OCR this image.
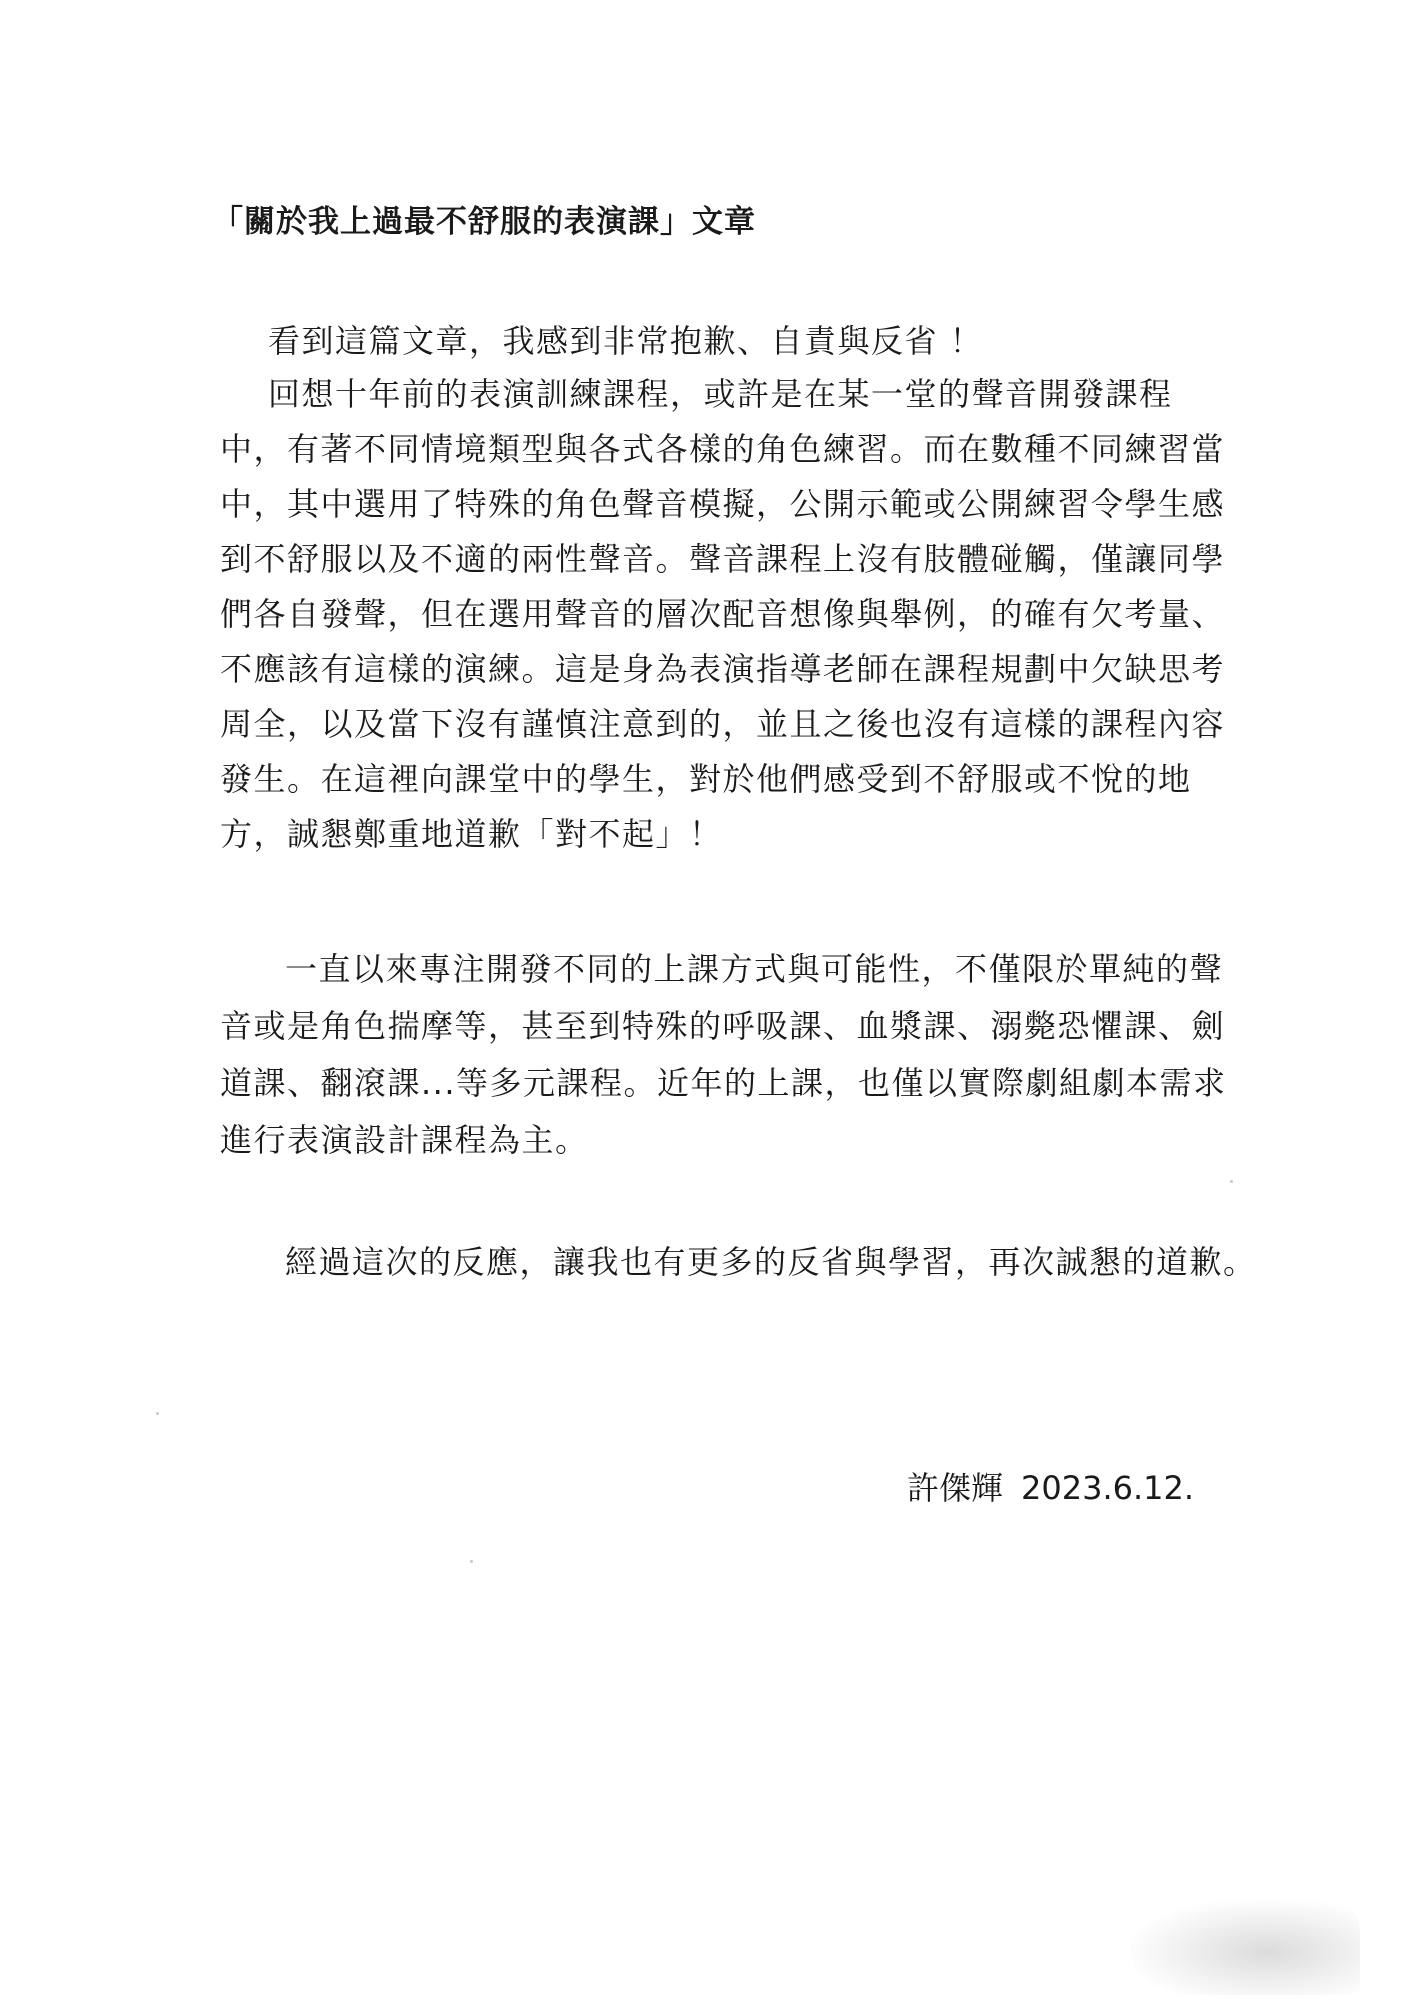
「關於我上過最不舒服的表演課」文章
看到這篇文章，我感到非常抱歉、自責與反省 ！
回想十年前的表演訓練課程，或許是在某一堂的聲音開發課程
中，有著不同情境類型與各式各樣的角色練習。而在數種不同練習當
中，其中選用了特殊的角色聲音模擬，公開示範或公開練習令學生感
到不舒服以及不適的兩性聲音。聲音課程上沒有肢體碰觸，僅讓同學
們各自發聲，但在選用聲音的層次配音想像與舉例，的確有欠考量、
不應該有這樣的演練。這是身為表演指導老師在課程規劃中欠缺思考
周全，以及當下沒有謹慎注意到的，並且之後也沒有這樣的課程內容
發生。在這裡向課堂中的學生，對於他們感受到不舒服或不悅的地
方，誠懇鄭重地道歉「對不起」！
一直以來專注開發不同的上課方式與可能性，不僅限於單純的聲
音或是角色揣摩等，甚至到特殊的呼吸課、血漿課、溺斃恐懼課、劍
道課、翻滾課...等多元課程。近年的上課，也僅以實際劇組劇本需求
進行表演設計課程為主。
經過這次的反應，讓我也有更多的反省與學習，再次誠懇的道歉。
許傑輝 2023.6.12.
